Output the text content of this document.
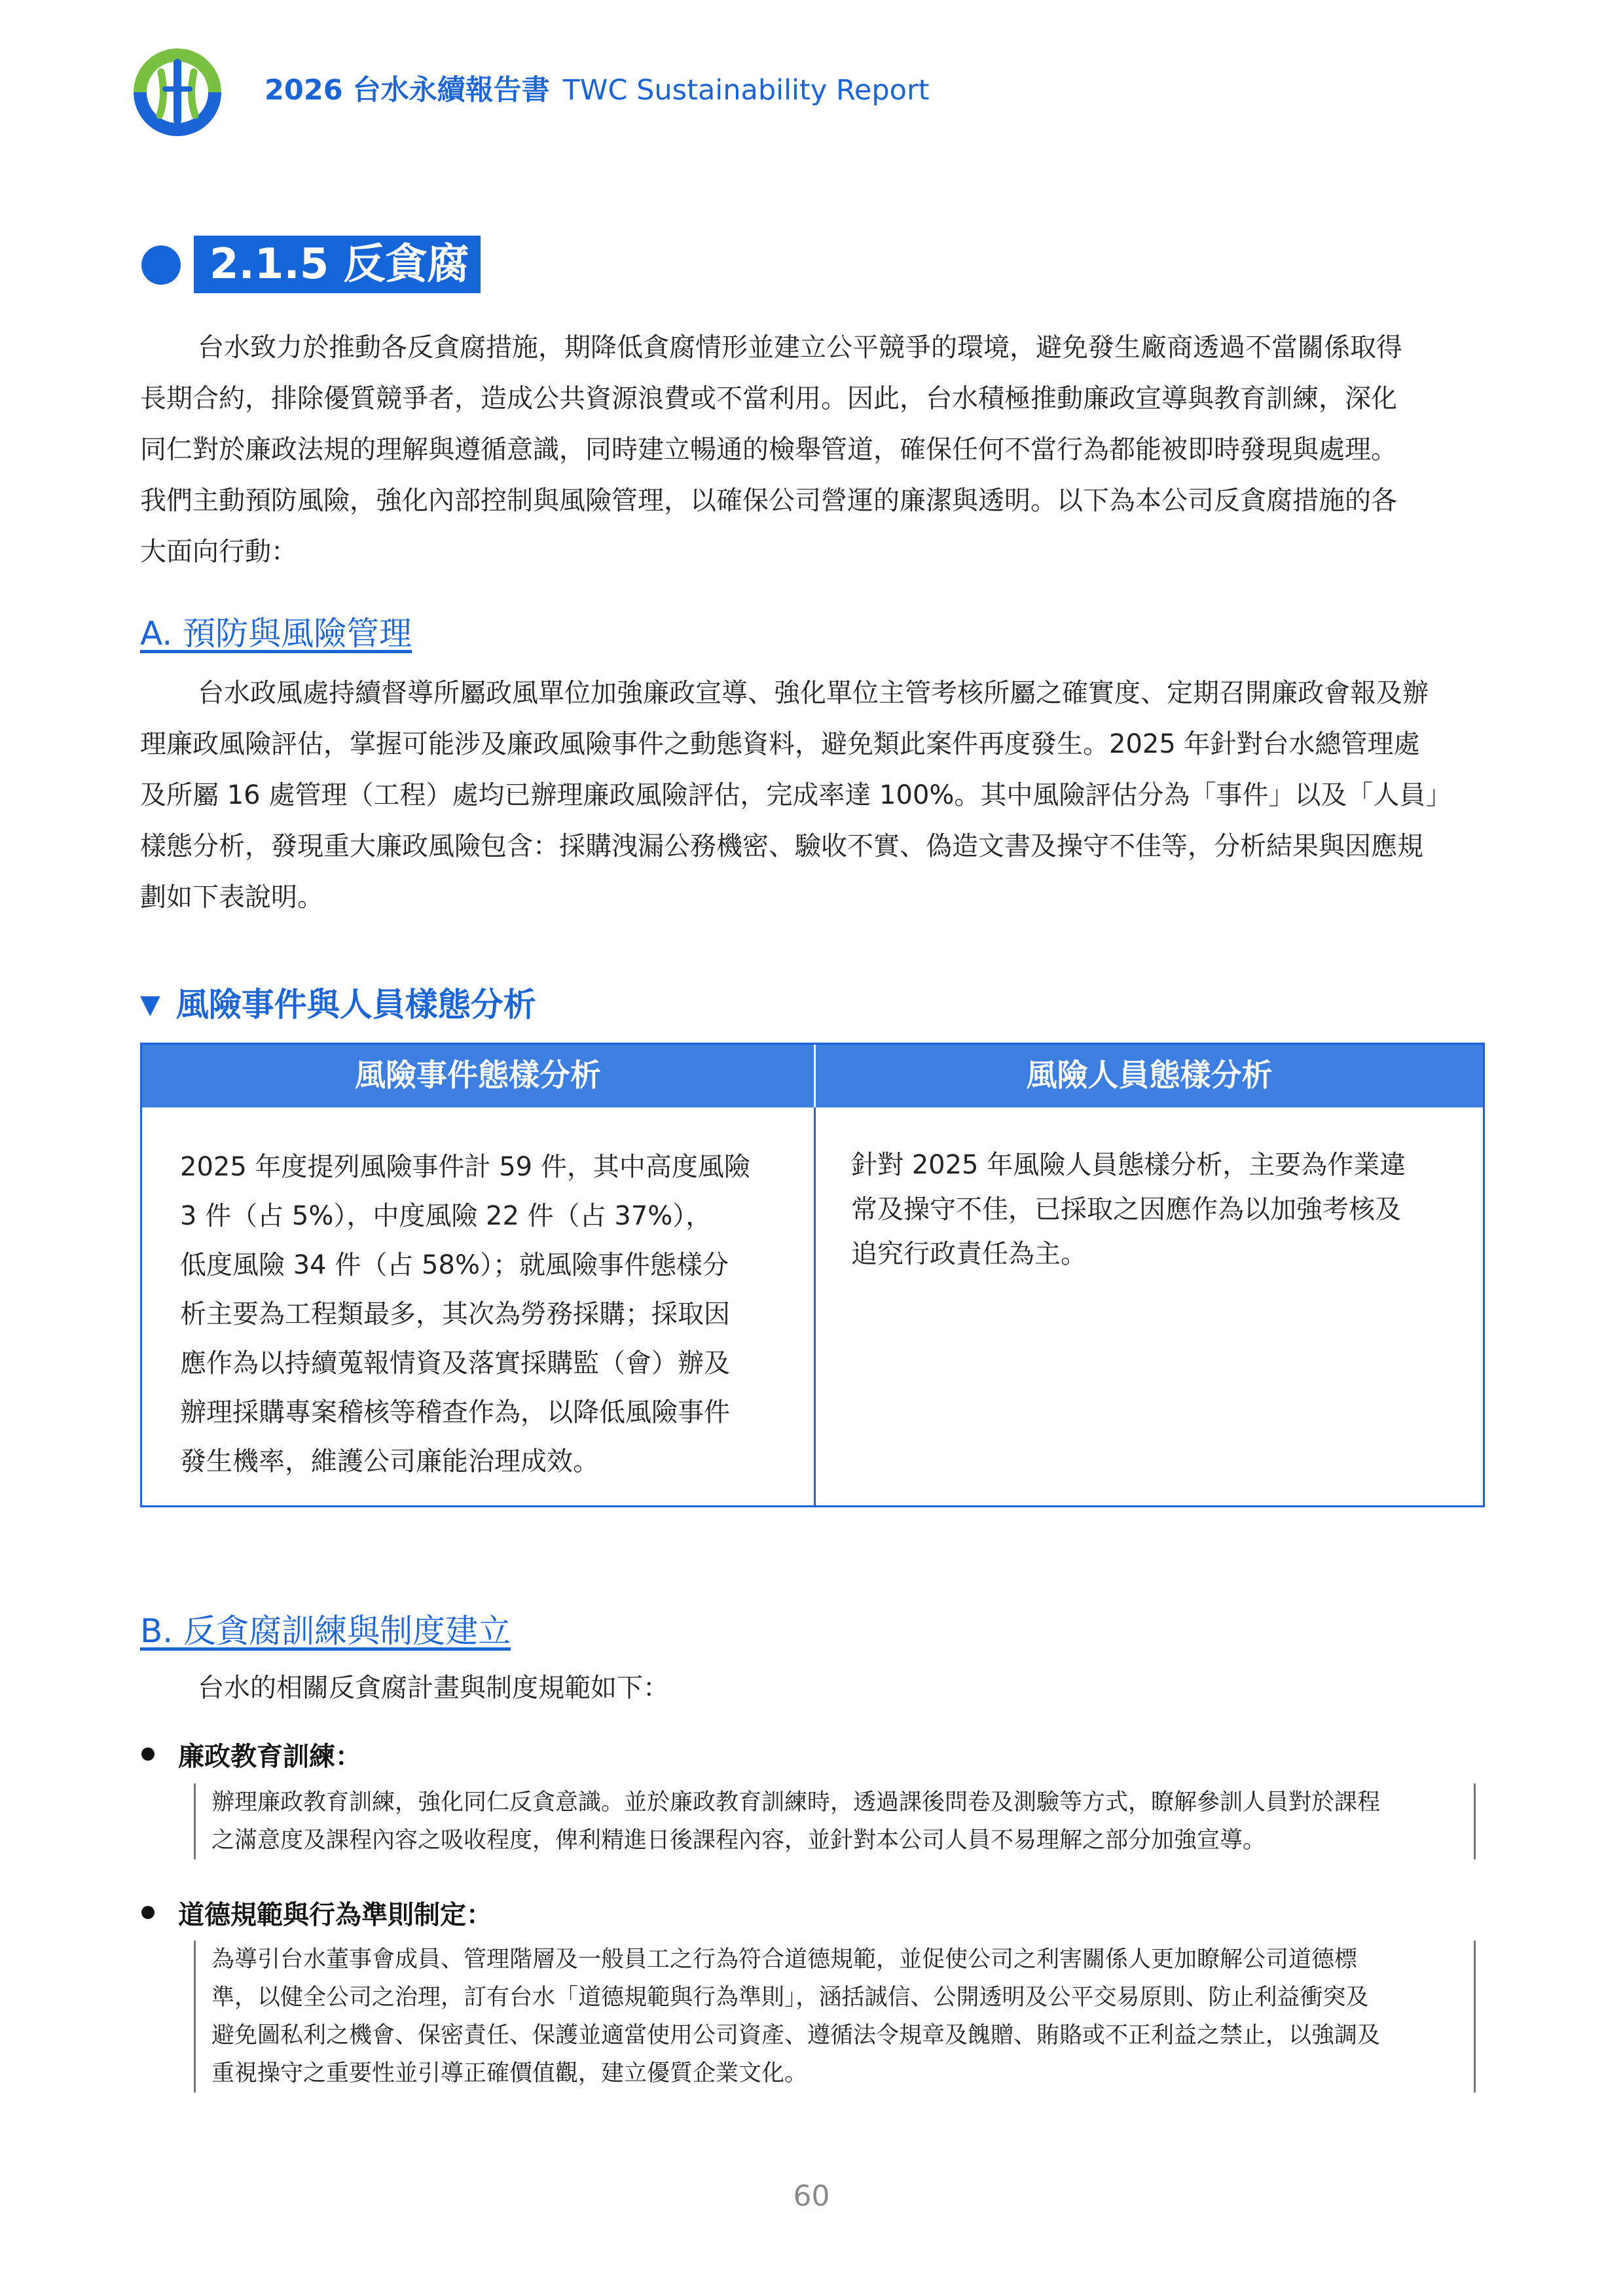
2026 台水永續報告書 TWC Sustainability Report
2.1.5 反貪腐
台水致力於推動各反貪腐措施，期降低貪腐情形並建立公平競爭的環境，避免發生廠商透過不當關係取得
長期合約，排除優質競爭者，造成公共資源浪費或不當利用。因此，台水積極推動廉政宣導與教育訓練，深化
同仁對於廉政法規的理解與遵循意識，同時建立暢通的檢舉管道，確保任何不當行為都能被即時發現與處理。
我們主動預防風險，強化內部控制與風險管理，以確保公司營運的廉潔與透明。以下為本公司反貪腐措施的各
大面向行動：
A. 預防與風險管理
台水政風處持續督導所屬政風單位加強廉政宣導、強化單位主管考核所屬之確實度、定期召開廉政會報及辦
理廉政風險評估，掌握可能涉及廉政風險事件之動態資料，避免類此案件再度發生。2025 年針對台水總管理處
及所屬 16 處管理（工程）處均已辦理廉政風險評估，完成率達 100%。其中風險評估分為「事件」以及「人員」
樣態分析，發現重大廉政風險包含：採購洩漏公務機密、驗收不實、偽造文書及操守不佳等，分析結果與因應規
劃如下表說明。
▼ 風險事件與人員樣態分析
風險事件態樣分析	風險人員態樣分析
2025 年度提列風險事件計 59 件，其中高度風險
3 件（占 5%），中度風險 22 件（占 37%），
低度風險 34 件（占 58%）；就風險事件態樣分
析主要為工程類最多，其次為勞務採購；採取因
應作為以持續蒐報情資及落實採購監（會）辦及
辦理採購專案稽核等稽查作為，以降低風險事件
發生機率，維護公司廉能治理成效。
針對 2025 年風險人員態樣分析，主要為作業違
常及操守不佳，已採取之因應作為以加強考核及
追究行政責任為主。
B. 反貪腐訓練與制度建立
台水的相關反貪腐計畫與制度規範如下：
廉政教育訓練：
辦理廉政教育訓練，強化同仁反貪意識。並於廉政教育訓練時，透過課後問卷及測驗等方式，瞭解參訓人員對於課程
之滿意度及課程內容之吸收程度，俾利精進日後課程內容，並針對本公司人員不易理解之部分加強宣導。
道德規範與行為準則制定：
為導引台水董事會成員、管理階層及一般員工之行為符合道德規範，並促使公司之利害關係人更加瞭解公司道德標
準，以健全公司之治理，訂有台水「道德規範與行為準則」，涵括誠信、公開透明及公平交易原則、防止利益衝突及
避免圖私利之機會、保密責任、保護並適當使用公司資產、遵循法令規章及餽贈、賄賂或不正利益之禁止，以強調及
重視操守之重要性並引導正確價值觀，建立優質企業文化。
60
